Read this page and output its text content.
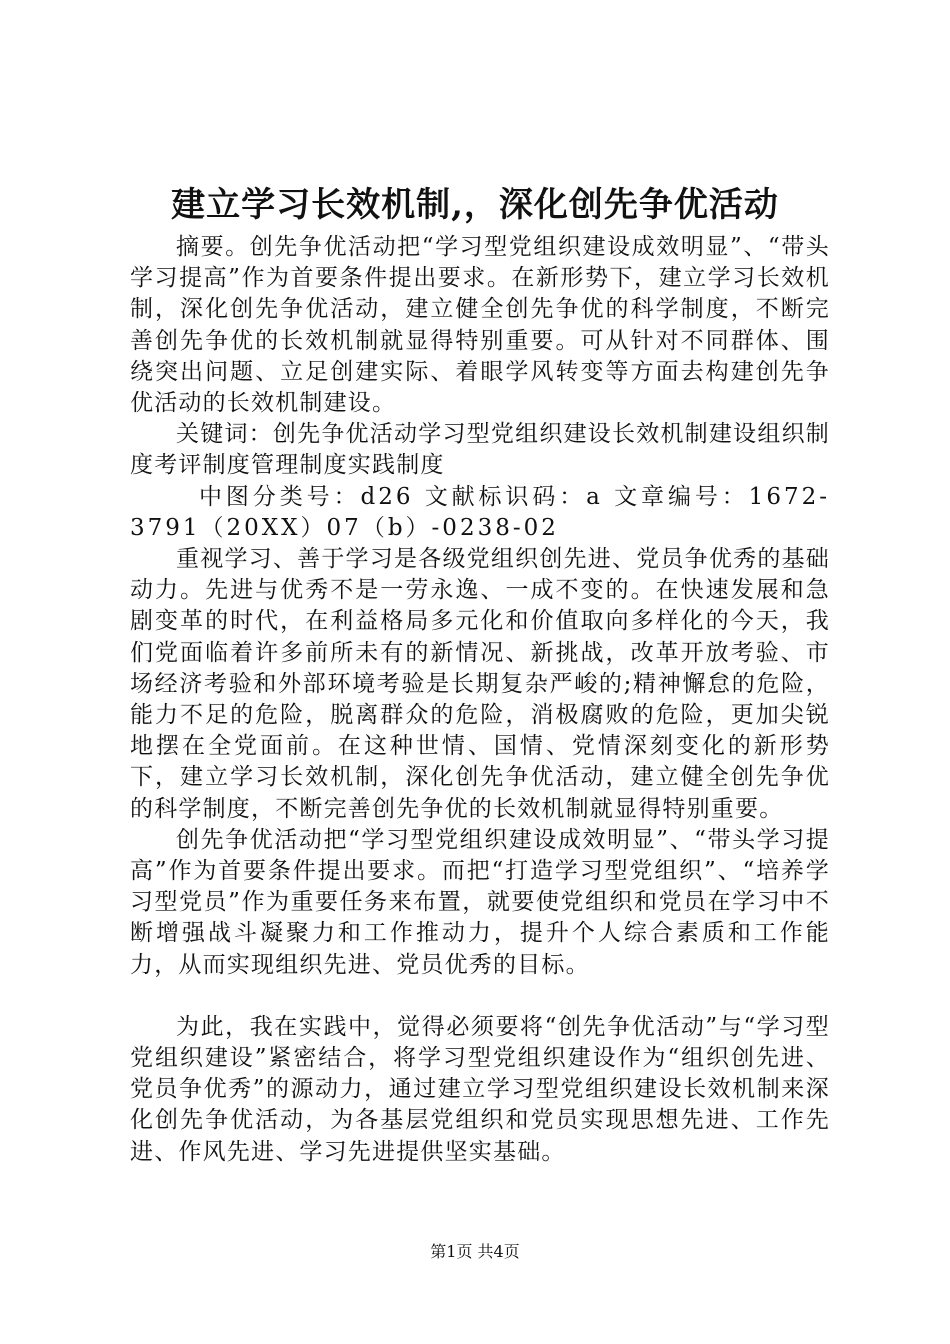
建立学习长效机制,，深化创先争优活动

摘要。创先争优活动把“学习型党组织建设成效明显”、“带头学习提高”作为首要条件提出要求。在新形势下，建立学习长效机制，深化创先争优活动，建立健全创先争优的科学制度，不断完善创先争优的长效机制就显得特别重要。可从针对不同群体、围绕突出问题、立足创建实际、着眼学风转变等方面去构建创先争优活动的长效机制建设。

关键词：创先争优活动学习型党组织建设长效机制建设组织制度考评制度管理制度实践制度

中图分类号：d26 文献标识码：a 文章编号：1672-3791（20XX）07（b）-0238-02

重视学习、善于学习是各级党组织创先进、党员争优秀的基础动力。先进与优秀不是一劳永逸、一成不变的。在快速发展和急剧变革的时代，在利益格局多元化和价值取向多样化的今天，我们党面临着许多前所未有的新情况、新挑战，改革开放考验、市场经济考验和外部环境考验是长期复杂严峻的;精神懈怠的危险，能力不足的危险，脱离群众的危险，消极腐败的危险，更加尖锐地摆在全党面前。在这种世情、国情、党情深刻变化的新形势下，建立学习长效机制，深化创先争优活动，建立健全创先争优的科学制度，不断完善创先争优的长效机制就显得特别重要。

创先争优活动把“学习型党组织建设成效明显”、“带头学习提高”作为首要条件提出要求。而把“打造学习型党组织”、“培养学习型党员”作为重要任务来布置，就要使党组织和党员在学习中不断增强战斗凝聚力和工作推动力，提升个人综合素质和工作能力，从而实现组织先进、党员优秀的目标。

为此，我在实践中，觉得必须要将“创先争优活动”与“学习型党组织建设”紧密结合，将学习型党组织建设作为“组织创先进、党员争优秀”的源动力，通过建立学习型党组织建设长效机制来深化创先争优活动，为各基层党组织和党员实现思想先进、工作先进、作风先进、学习先进提供坚实基础。

第1页 共4页
